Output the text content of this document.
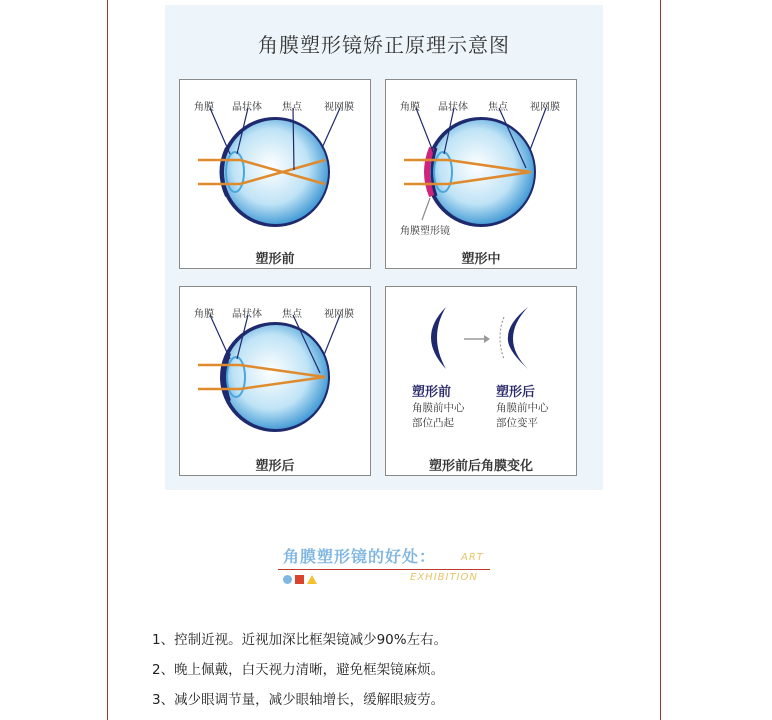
角膜塑形镜矫正原理示意图
角膜 晶状体 焦点 视网膜
塑形前
角膜 晶状体 焦点 视网膜
角膜塑形镜
塑形中
角膜 晶状体 焦点 视网膜
塑形后
塑形前
角膜前中心
部位凸起
塑形后
角膜前中心
部位变平
塑形前后角膜变化
角膜塑形镜的好处： ART
EXHIBITION
1、控制近视。近视加深比框架镜减少90%左右。
2、晚上佩戴，白天视力清晰，避免框架镜麻烦。
3、减少眼调节量，减少眼轴增长，缓解眼疲劳。
